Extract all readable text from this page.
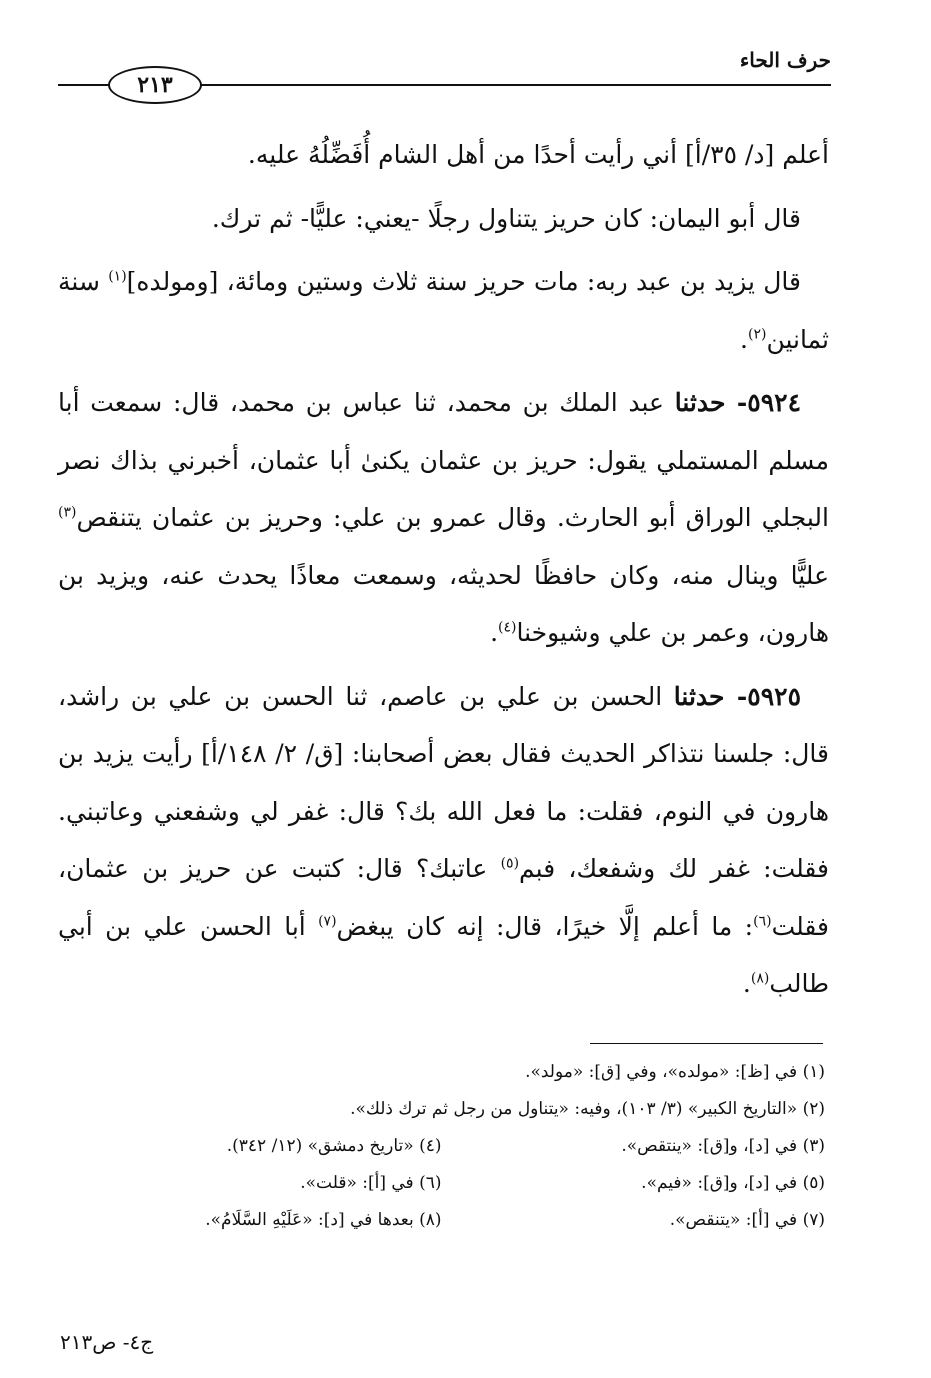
حرف الحاء
٢١٣

أعلم [د/ ٣٥/أ] أني رأيت أحدًا من أهل الشام أُفَضِّلُهُ عليه.

قال أبو اليمان: كان حريز يتناول رجلًا -يعني: عليًّا- ثم ترك.

قال يزيد بن عبد ربه: مات حريز سنة ثلاث وستين ومائة، [ومولده]$^{(١)}$ سنة ثمانين$^{(٢)}$.

٥٩٢٤- حدثنا عبد الملك بن محمد، ثنا عباس بن محمد، قال: سمعت أبا مسلم المستملي يقول: حريز بن عثمان يكنىٰ أبا عثمان، أخبرني بذاك نصر البجلي الوراق أبو الحارث. وقال عمرو بن علي: وحريز بن عثمان يتنقص$^{(٣)}$ عليًّا وينال منه، وكان حافظًا لحديثه، وسمعت معاذًا يحدث عنه، ويزيد بن هارون، وعمر بن علي وشيوخنا$^{(٤)}$.

٥٩٢٥- حدثنا الحسن بن علي بن عاصم، ثنا الحسن بن علي بن راشد، قال: جلسنا نتذاكر الحديث فقال بعض أصحابنا: [ق/ ٢/ ١٤٨/أ] رأيت يزيد بن هارون في النوم، فقلت: ما فعل الله بك؟ قال: غفر لي وشفعني وعاتبني. فقلت: غفر لك وشفعك، فبم$^{(٥)}$ عاتبك؟ قال: كتبت عن حريز بن عثمان، فقلت$^{(٦)}$: ما أعلم إلَّا خيرًا، قال: إنه كان يبغض$^{(٧)}$ أبا الحسن علي بن أبي طالب$^{(٨)}$.

(١) في [ظ]: «مولده»، وفي [ق]: «مولد».
(٢) «التاريخ الكبير» (٣/ ١٠٣)، وفيه: «يتناول من رجل ثم ترك ذلك».
(٣) في [د]، و[ق]: «ينتقص».
(٤) «تاريخ دمشق» (١٢/ ٣٤٢).
(٥) في [د]، و[ق]: «فيم».
(٦) في [أ]: «قلت».
(٧) في [أ]: «يتنقص».
(٨) بعدها في [د]: «عَلَيْهِ السَّلَامُ».
ج٤- ص٢١٣
